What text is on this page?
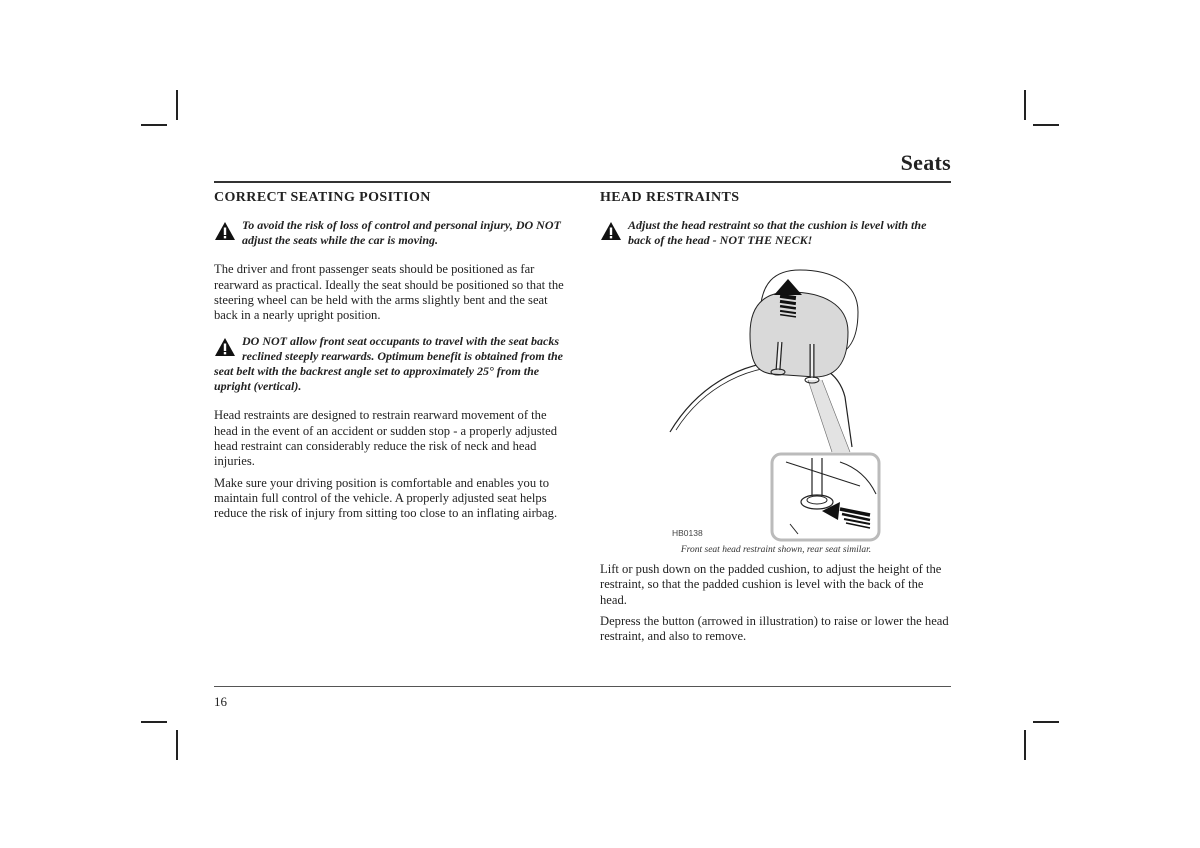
Seats
CORRECT SEATING POSITION

To avoid the risk of loss of control and personal injury, DO NOT adjust the seats while the car is moving.

The driver and front passenger seats should be positioned as far rearward as practical. Ideally the seat should be positioned so that the steering wheel can be held with the arms slightly bent and the seat back in a nearly upright position.

DO NOT allow front seat occupants to travel with the seat backs reclined steeply rearwards. Optimum benefit is obtained from the seat belt with the backrest angle set to approximately 25° from the upright (vertical).

Head restraints are designed to restrain rearward movement of the head in the event of an accident or sudden stop - a properly adjusted head restraint can considerably reduce the risk of neck and head injuries.

Make sure your driving position is comfortable and enables you to maintain full control of the vehicle. A properly adjusted seat helps reduce the risk of injury from sitting too close to an inflating airbag.

HEAD RESTRAINTS

Adjust the head restraint so that the cushion is level with the back of the head - NOT THE NECK!

HB0138
Front seat head restraint shown, rear seat similar.

Lift or push down on the padded cushion, to adjust the height of the restraint, so that the padded cushion is level with the back of the head.

Depress the button (arrowed in illustration) to raise or lower the head restraint, and also to remove.

16
